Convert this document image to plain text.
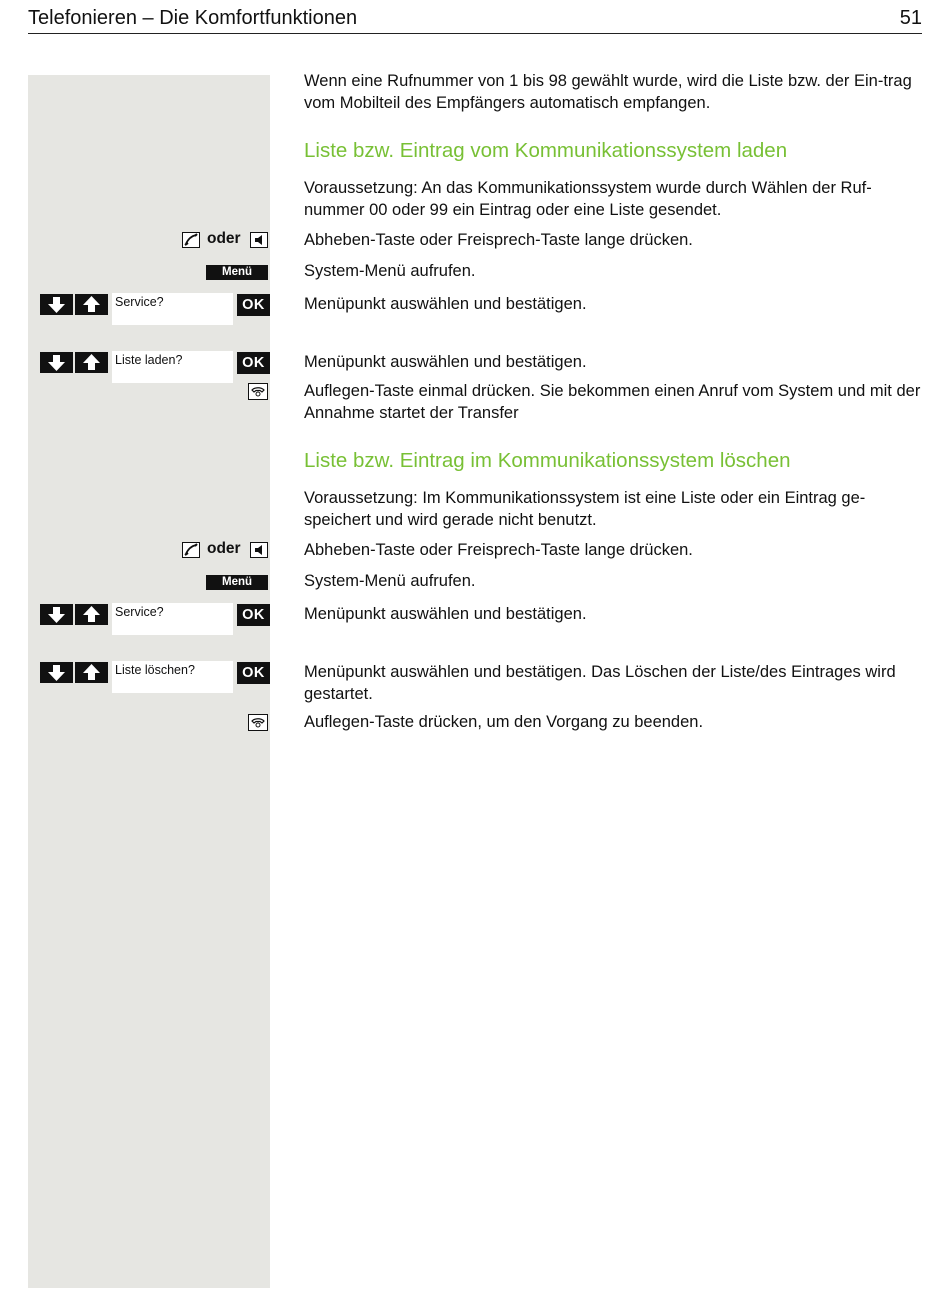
Telefonieren – Die Komfortfunktionen	51
Wenn eine Rufnummer von 1 bis 98 gewählt wurde, wird die Liste bzw. der Ein-trag vom Mobilteil des Empfängers automatisch empfangen.
Liste bzw. Eintrag vom Kommunikationssystem laden
Voraussetzung: An das Kommunikationssystem wurde durch Wählen der Ruf-nummer 00 oder 99 ein Eintrag oder eine Liste gesendet.
oder	Abheben-Taste oder Freisprech-Taste lange drücken.
Menü	System-Menü aufrufen.
Service?	OK	Menüpunkt auswählen und bestätigen.
Liste laden?	OK	Menüpunkt auswählen und bestätigen.
Auflegen-Taste einmal drücken. Sie bekommen einen Anruf vom System und mit der Annahme startet der Transfer
Liste bzw. Eintrag im Kommunikationssystem löschen
Voraussetzung: Im Kommunikationssystem ist eine Liste oder ein Eintrag ge-speichert und wird gerade nicht benutzt.
oder	Abheben-Taste oder Freisprech-Taste lange drücken.
Menü	System-Menü aufrufen.
Service?	OK	Menüpunkt auswählen und bestätigen.
Liste löschen?	OK	Menüpunkt auswählen und bestätigen. Das Löschen der Liste/des Eintrages wird gestartet.
Auflegen-Taste drücken, um den Vorgang zu beenden.
